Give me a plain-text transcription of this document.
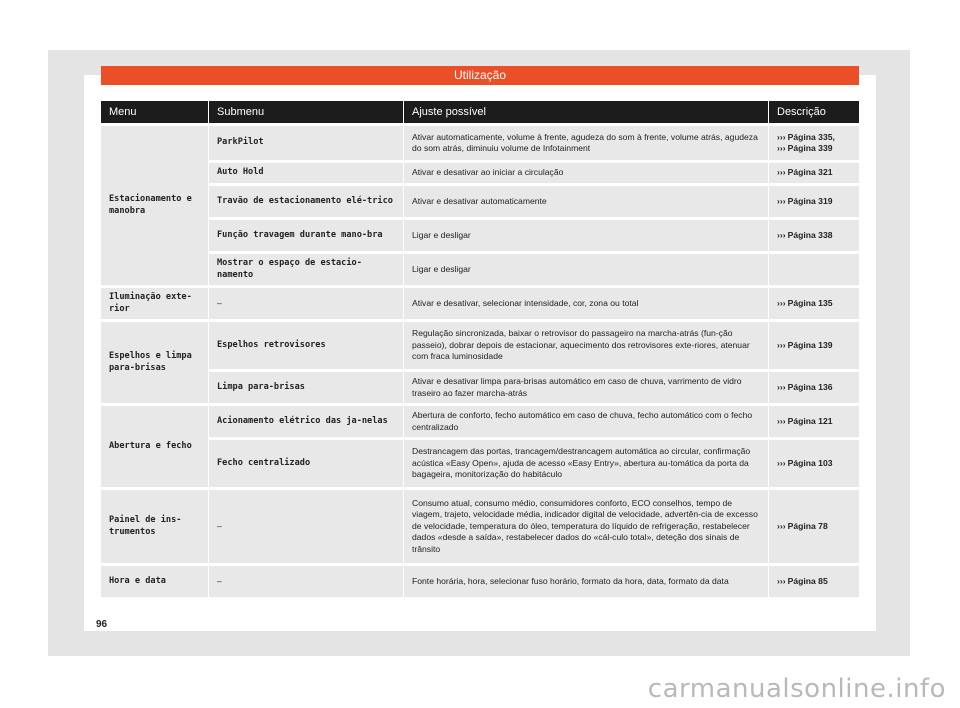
Utilização
Menu	Submenu	Ajuste possível	Descrição
Estacionamento e manobra	ParkPilot	Ativar automaticamente, volume à frente, agudeza do som à frente, volume atrás, agudeza do som atrás, diminuiu volume de Infotainment	››› Página 335,
››› Página 339
	Auto Hold	Ativar e desativar ao iniciar a circulação	››› Página 321
	Travão de estacionamento elé-trico	Ativar e desativar automaticamente	››› Página 319
	Função travagem durante mano-bra	Ligar e desligar	››› Página 338
	Mostrar o espaço de estacio-namento	Ligar e desligar	
Iluminação exte-rior	–	Ativar e desativar, selecionar intensidade, cor, zona ou total	››› Página 135
Espelhos e limpa para-brisas	Espelhos retrovisores	Regulação sincronizada, baixar o retrovisor do passageiro na marcha-atrás (fun-ção passeio), dobrar depois de estacionar, aquecimento dos retrovisores exte-riores, atenuar com fraca luminosidade	››› Página 139
	Limpa para-brisas	Ativar e desativar limpa para-brisas automático em caso de chuva, varrimento de vidro traseiro ao fazer marcha-atrás	››› Página 136
Abertura e fecho	Acionamento elétrico das ja-nelas	Abertura de conforto, fecho automático em caso de chuva, fecho automático com o fecho centralizado	››› Página 121
	Fecho centralizado	Destrancagem das portas, trancagem/destrancagem automática ao circular, confirmação acústica «Easy Open», ajuda de acesso «Easy Entry», abertura au-tomática da porta da bagageira, monitorização do habitáculo	››› Página 103
Painel de ins-trumentos	–	Consumo atual, consumo médio, consumidores conforto, ECO conselhos, tempo de viagem, trajeto, velocidade média, indicador digital de velocidade, advertên-cia de excesso de velocidade, temperatura do óleo, temperatura do líquido de refrigeração, restabelecer dados «desde a saída», restabelecer dados do «cál-culo total», deteção dos sinais de trânsito	››› Página 78
Hora e data	–	Fonte horária, hora, selecionar fuso horário, formato da hora, data, formato da data	››› Página 85
96
carmanualsonline.info
